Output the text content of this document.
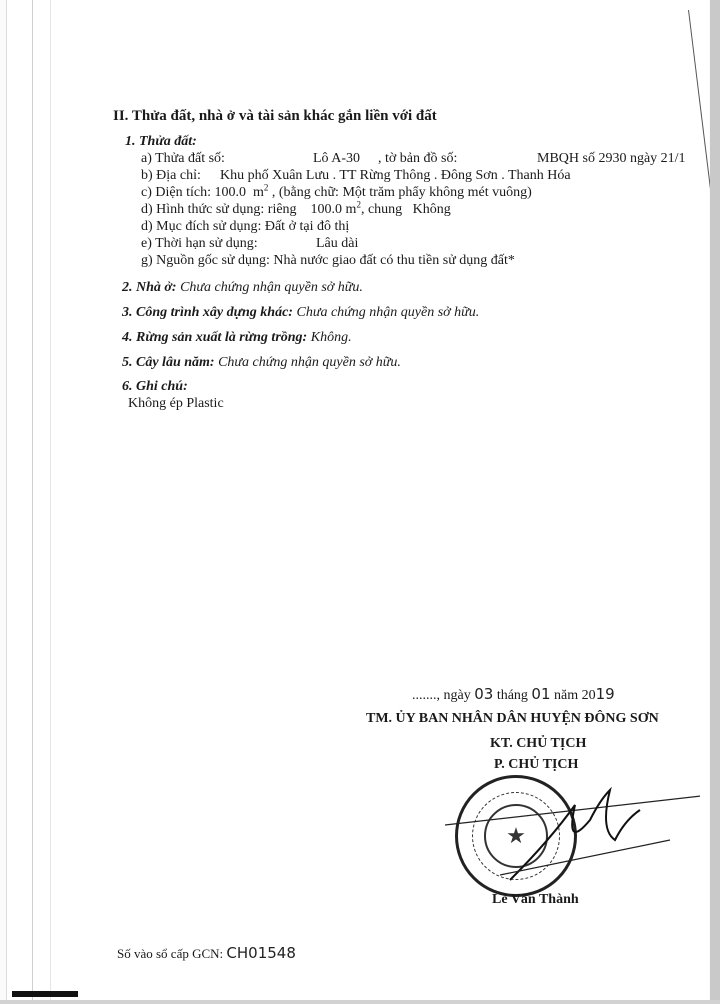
II. Thửa đất, nhà ở và tài sản khác gắn liền với đất
1. Thửa đất:
a) Thửa đất số:	Lô A-30 , tờ bản đồ số:	MBQH số 2930 ngày 21/1
b) Địa chỉ: Khu phố Xuân Lưu . TT Rừng Thông . Đông Sơn . Thanh Hóa
c) Diện tích: 100.0 $m^2$ , (bằng chữ: Một trăm phẩy không mét vuông)
d) Hình thức sử dụng: riêng 100.0 $m^2$, chung Không
d) Mục đích sử dụng: Đất ở tại đô thị
e) Thời hạn sử dụng:	Lâu dài
g) Nguồn gốc sử dụng: Nhà nước giao đất có thu tiền sử dụng đất*
2. Nhà ở: Chưa chứng nhận quyền sở hữu.
3. Công trình xây dựng khác: Chưa chứng nhận quyền sở hữu.
4. Rừng sản xuất là rừng trồng: Không.
5. Cây lâu năm: Chưa chứng nhận quyền sở hữu.
6. Ghi chú:
Không ép Plastic
......., ngày 03 tháng 01 năm 2019
TM. ỦY BAN NHÂN DÂN HUYỆN ĐÔNG SƠN
KT. CHỦ TỊCH
P. CHỦ TỊCH
★
Lê Văn Thành
Số vào sổ cấp GCN: CH01548
